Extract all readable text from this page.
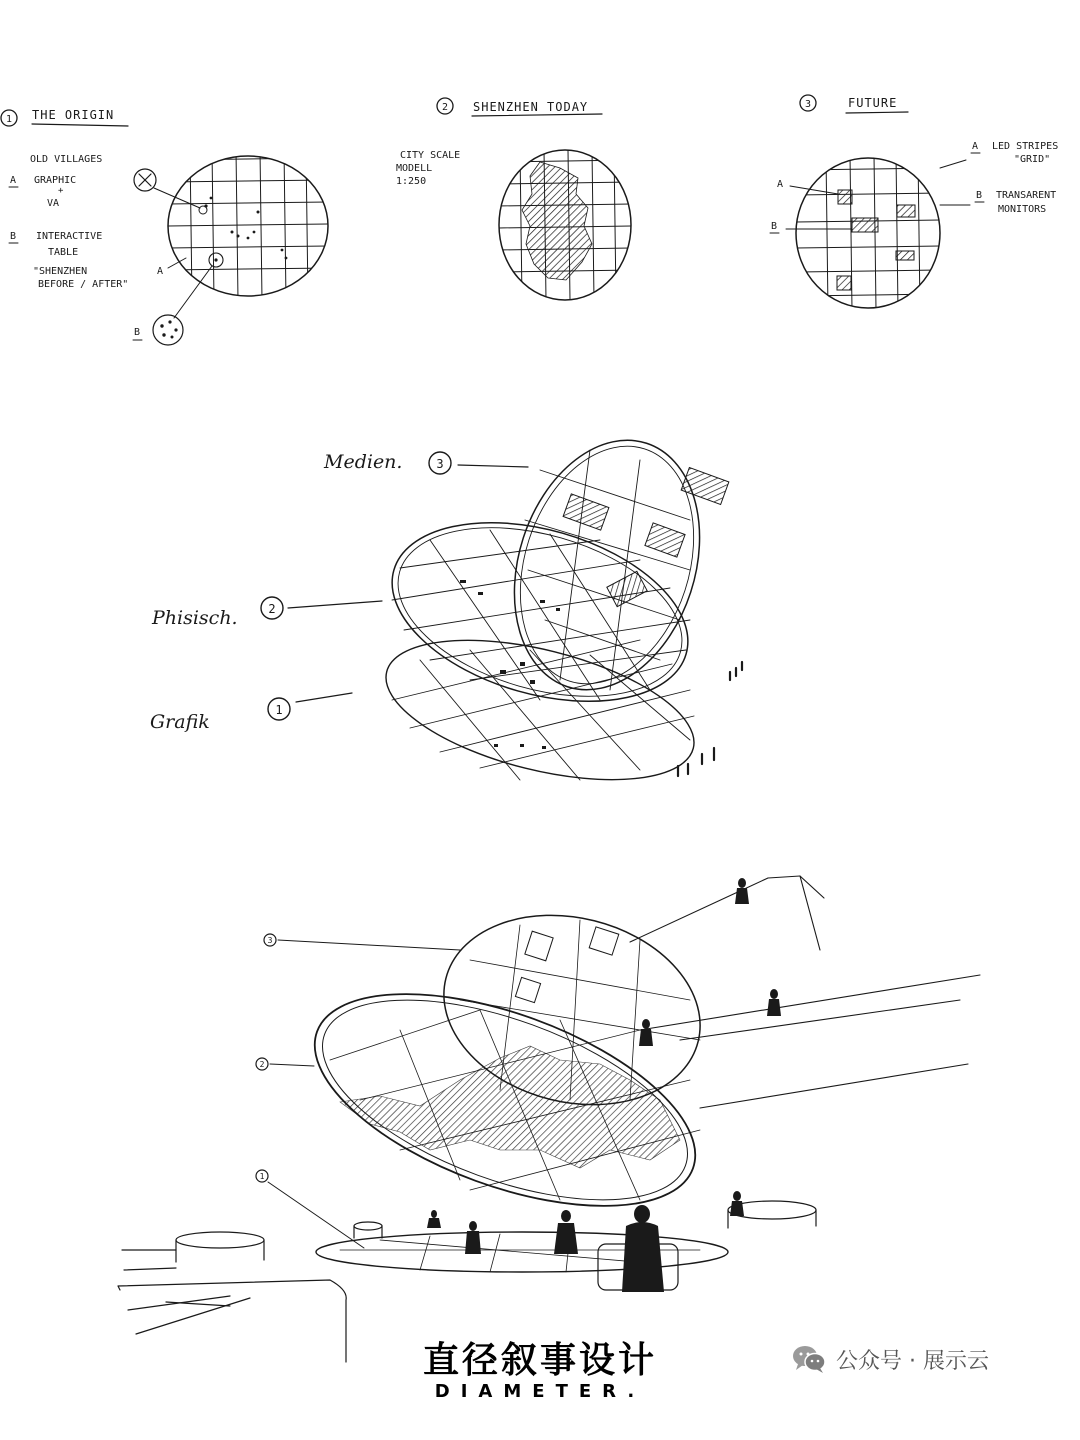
1 THE ORIGIN
OLD VILLAGES
A GRAPHIC
+
VA
B INTERACTIVE
TABLE
"SHENZHEN
BEFORE / AFTER"
A
B
2 SHENZHEN TODAY
CITY SCALE
MODELL
1:250
3	FUTURE
A LED STRIPES
"GRID"
B TRANSARENT
MONITORS
A
B
Medien.	3
Phisisch.	2
Grafik
1
3
2
1
直径叙事设计
DIAMETER.
公众号 · 展示云
